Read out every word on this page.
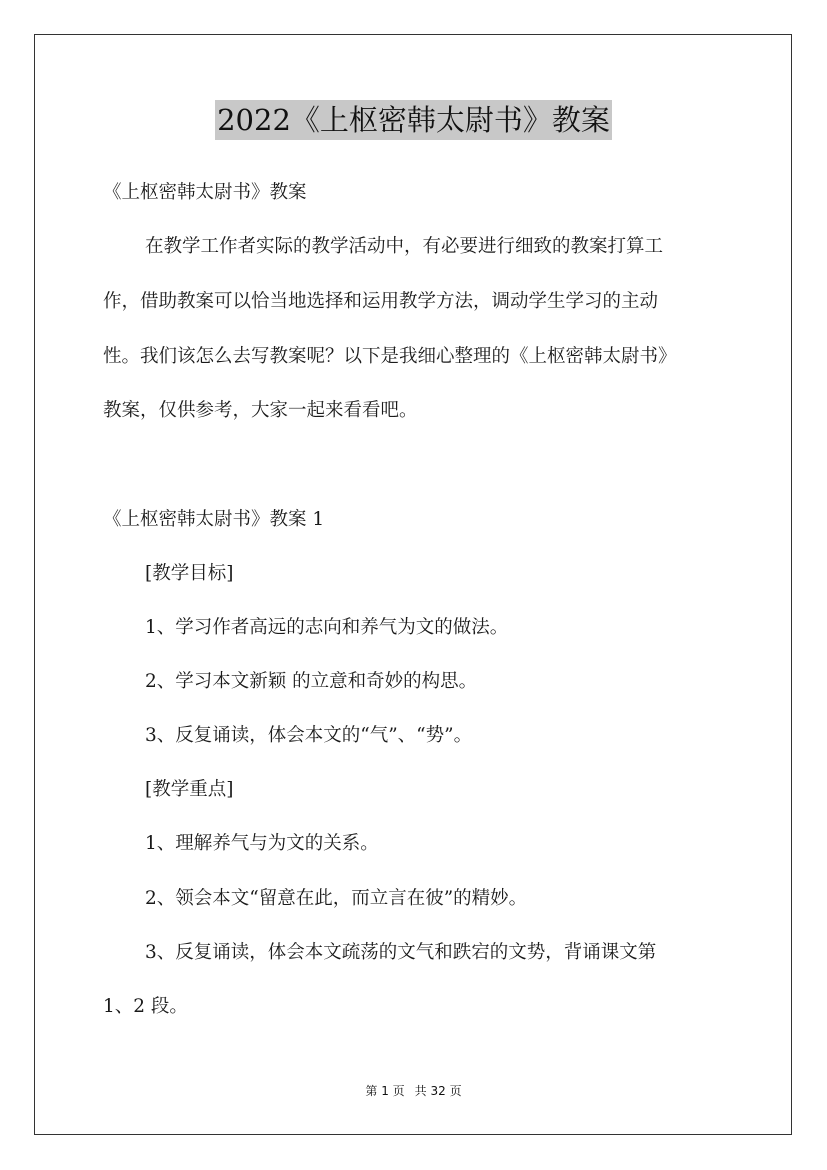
2022《上枢密韩太尉书》教案
《上枢密韩太尉书》教案
在教学工作者实际的教学活动中，有必要进行细致的教案打算工
作，借助教案可以恰当地选择和运用教学方法，调动学生学习的主动
性。我们该怎么去写教案呢？以下是我细心整理的《上枢密韩太尉书》
教案，仅供参考，大家一起来看看吧。
《上枢密韩太尉书》教案 1
[教学目标]
1、学习作者高远的志向和养气为文的做法。
2、学习本文新颖 的立意和奇妙的构思。
3、反复诵读，体会本文的“气”、“势”。
[教学重点]
1、理解养气与为文的关系。
2、领会本文“留意在此，而立言在彼”的精妙。
3、反复诵读，体会本文疏荡的文气和跌宕的文势，背诵课文第
1、2 段。
第 1 页 共 32 页
